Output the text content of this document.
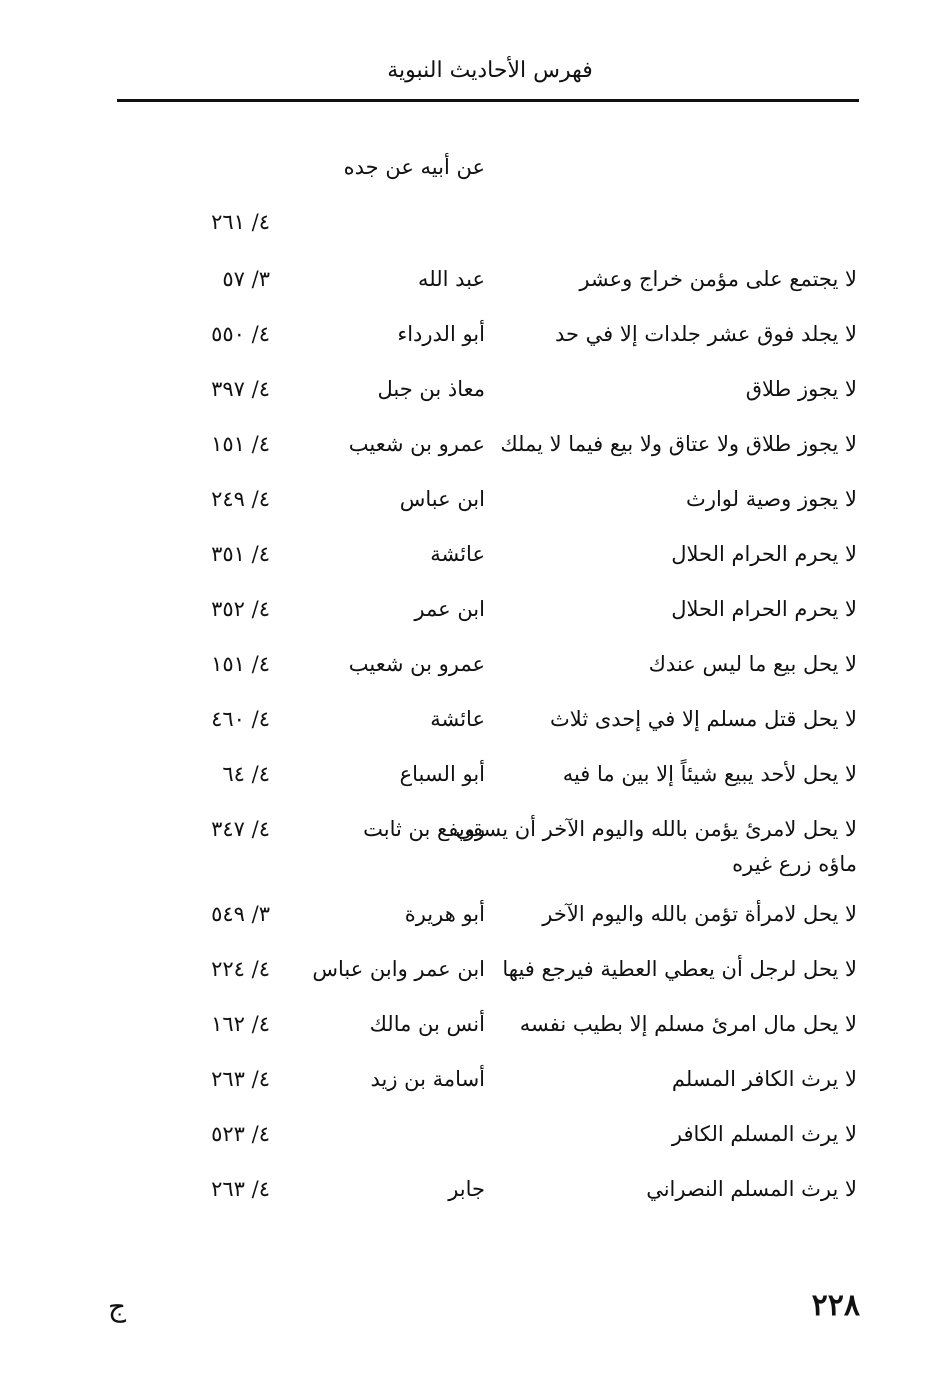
فهرس الأحاديث النبوية
عن أبيه عن جده
٤/ ٢٦١
لا يجتمع على مؤمن خراج وعشر
عبد الله
٣/ ٥٧
لا يجلد فوق عشر جلدات إلا في حد
أبو الدرداء
٤/ ٥٥٠
لا يجوز طلاق
معاذ بن جبل
٤/ ٣٩٧
لا يجوز طلاق ولا عتاق ولا بيع فيما لا يملك
عمرو بن شعيب
٤/ ١٥١
لا يجوز وصية لوارث
ابن عباس
٤/ ٢٤٩
لا يحرم الحرام الحلال
عائشة
٤/ ٣٥١
لا يحرم الحرام الحلال
ابن عمر
٤/ ٣٥٢
لا يحل بيع ما ليس عندك
عمرو بن شعيب
٤/ ١٥١
لا يحل قتل مسلم إلا في إحدى ثلاث
عائشة
٤/ ٤٦٠
لا يحل لأحد يبيع شيئاً إلا بين ما فيه
أبو السباع
٤/ ٦٤
لا يحل لامرئ يؤمن بالله واليوم الآخر أن يسقي
رويفع بن ثابت
٤/ ٣٤٧
ماؤه زرع غيره
لا يحل لامرأة تؤمن بالله واليوم الآخر
أبو هريرة
٣/ ٥٤٩
لا يحل لرجل أن يعطي العطية فيرجع فيها
ابن عمر وابن عباس
٤/ ٢٢٤
لا يحل مال امرئ مسلم إلا بطيب نفسه
أنس بن مالك
٤/ ١٦٢
لا يرث الكافر المسلم
أسامة بن زيد
٤/ ٢٦٣
لا يرث المسلم الكافر
٤/ ٥٢٣
لا يرث المسلم النصراني
جابر
٤/ ٢٦٣
٢٢٨
ج
